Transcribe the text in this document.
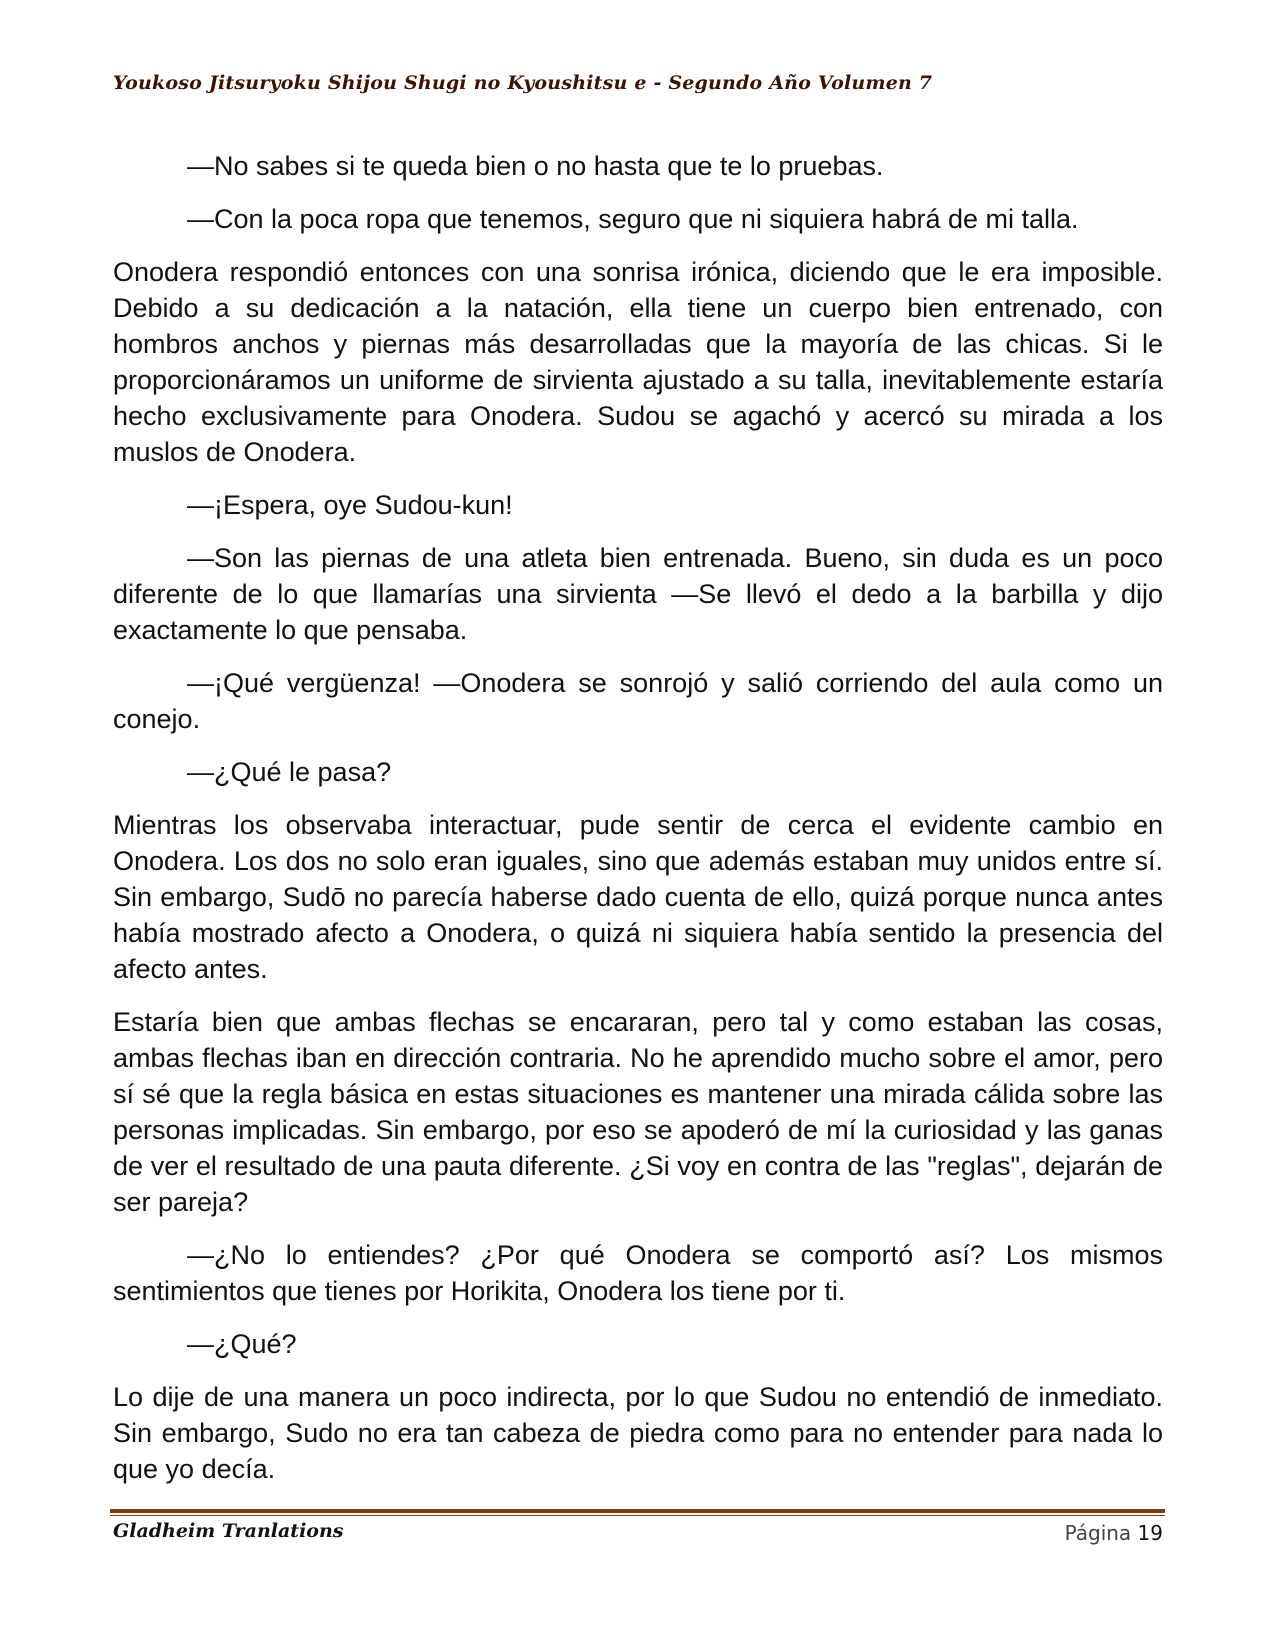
Youkoso Jitsuryoku Shijou Shugi no Kyoushitsu e - Segundo Año Volumen 7

—No sabes si te queda bien o no hasta que te lo pruebas.

—Con la poca ropa que tenemos, seguro que ni siquiera habrá de mi talla.

Onodera respondió entonces con una sonrisa irónica, diciendo que le era imposible. Debido a su dedicación a la natación, ella tiene un cuerpo bien entrenado, con hombros anchos y piernas más desarrolladas que la mayoría de las chicas. Si le proporcionáramos un uniforme de sirvienta ajustado a su talla, inevitablemente estaría hecho exclusivamente para Onodera. Sudou se agachó y acercó su mirada a los muslos de Onodera.

—¡Espera, oye Sudou-kun!

—Son las piernas de una atleta bien entrenada. Bueno, sin duda es un poco diferente de lo que llamarías una sirvienta —Se llevó el dedo a la barbilla y dijo exactamente lo que pensaba.

—¡Qué vergüenza! —Onodera se sonrojó y salió corriendo del aula como un conejo.

—¿Qué le pasa?

Mientras los observaba interactuar, pude sentir de cerca el evidente cambio en Onodera. Los dos no solo eran iguales, sino que además estaban muy unidos entre sí. Sin embargo, Sudō no parecía haberse dado cuenta de ello, quizá porque nunca antes había mostrado afecto a Onodera, o quizá ni siquiera había sentido la presencia del afecto antes.

Estaría bien que ambas flechas se encararan, pero tal y como estaban las cosas, ambas flechas iban en dirección contraria. No he aprendido mucho sobre el amor, pero sí sé que la regla básica en estas situaciones es mantener una mirada cálida sobre las personas implicadas. Sin embargo, por eso se apoderó de mí la curiosidad y las ganas de ver el resultado de una pauta diferente. ¿Si voy en contra de las "reglas", dejarán de ser pareja?

—¿No lo entiendes? ¿Por qué Onodera se comportó así? Los mismos sentimientos que tienes por Horikita, Onodera los tiene por ti.

—¿Qué?

Lo dije de una manera un poco indirecta, por lo que Sudou no entendió de inmediato. Sin embargo, Sudo no era tan cabeza de piedra como para no entender para nada lo que yo decía.

Gladheim Tranlations	Página 19
